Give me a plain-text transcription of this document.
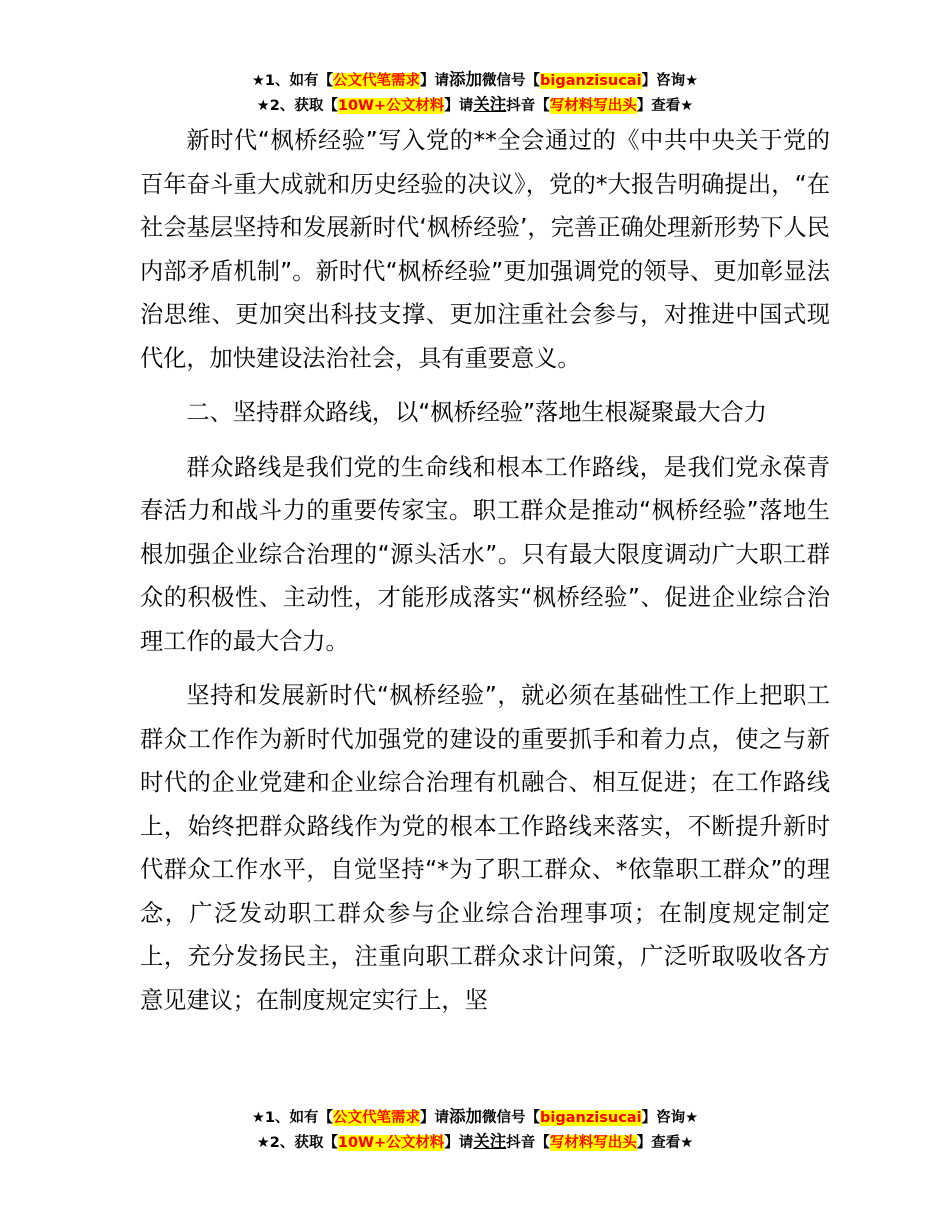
★1、如有【公文代笔需求】请添加微信号【biganzisucai】咨询★
★2、获取【10W+公文材料】请关注抖音【写材料写出头】查看★

新时代“枫桥经验”写入党的**全会通过的《中共中央关于党的百年奋斗重大成就和历史经验的决议》，党的*大报告明确提出，“在社会基层坚持和发展新时代‘枫桥经验’，完善正确处理新形势下人民内部矛盾机制”。新时代“枫桥经验”更加强调党的领导、更加彰显法治思维、更加突出科技支撑、更加注重社会参与，对推进中国式现代化，加快建设法治社会，具有重要意义。

二、坚持群众路线，以“枫桥经验”落地生根凝聚最大合力

群众路线是我们党的生命线和根本工作路线，是我们党永葆青春活力和战斗力的重要传家宝。职工群众是推动“枫桥经验”落地生根加强企业综合治理的“源头活水”。只有最大限度调动广大职工群众的积极性、主动性，才能形成落实“枫桥经验”、促进企业综合治理工作的最大合力。

坚持和发展新时代“枫桥经验”，就必须在基础性工作上把职工群众工作作为新时代加强党的建设的重要抓手和着力点，使之与新时代的企业党建和企业综合治理有机融合、相互促进；在工作路线上，始终把群众路线作为党的根本工作路线来落实，不断提升新时代群众工作水平，自觉坚持“*为了职工群众、*依靠职工群众”的理念，广泛发动职工群众参与企业综合治理事项；在制度规定制定上，充分发扬民主，注重向职工群众求计问策，广泛听取吸收各方意见建议；在制度规定实行上，坚

★1、如有【公文代笔需求】请添加微信号【biganzisucai】咨询★
★2、获取【10W+公文材料】请关注抖音【写材料写出头】查看★
